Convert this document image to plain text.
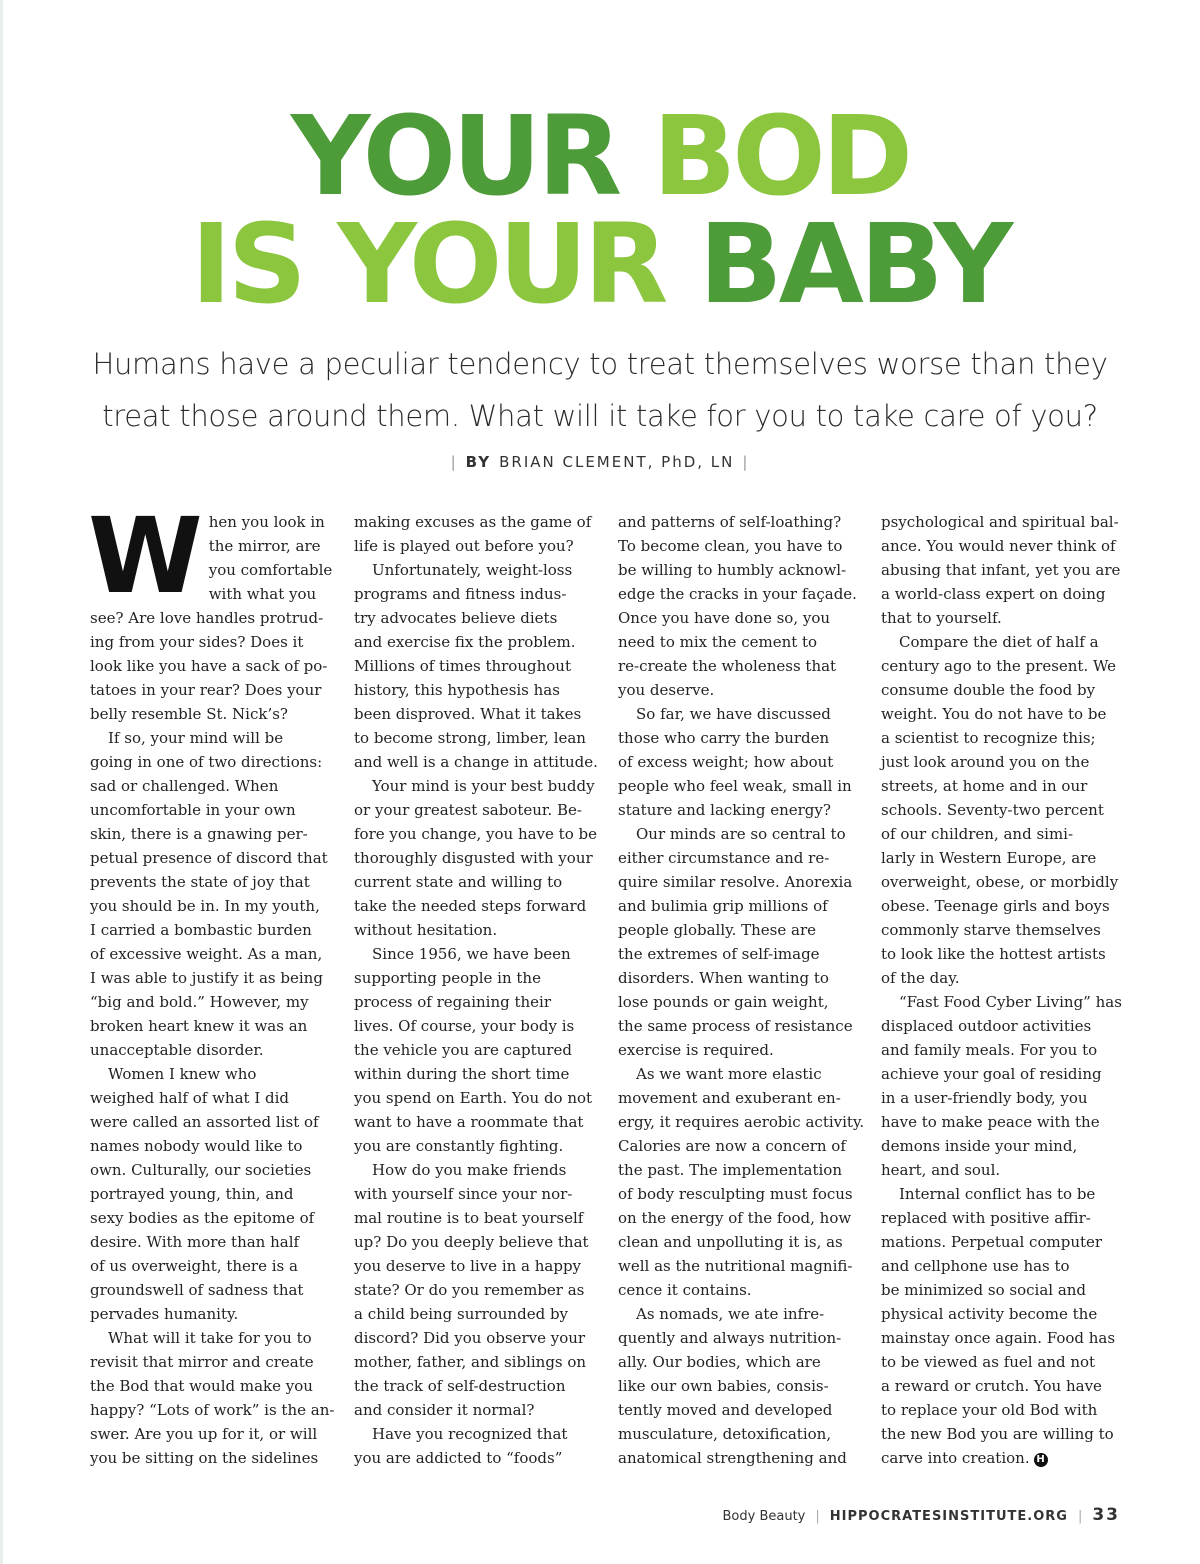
YOUR BOD
IS YOUR BABY
Humans have a peculiar tendency to treat themselves worse than they
treat those around them. What will it take for you to take care of you?
| BY BRIAN CLEMENT, PhD, LN |
W hen you look in
the mirror, are
you comfortable
with what you
see? Are love handles protrud-
ing from your sides? Does it
look like you have a sack of po-
tatoes in your rear? Does your
belly resemble St. Nick’s?

If so, your mind will be
going in one of two directions:
sad or challenged. When
uncomfortable in your own
skin, there is a gnawing per-
petual presence of discord that
prevents the state of joy that
you should be in. In my youth,
I carried a bombastic burden
of excessive weight. As a man,
I was able to justify it as being
“big and bold.” However, my
broken heart knew it was an
unacceptable disorder.

Women I knew who
weighed half of what I did
were called an assorted list of
names nobody would like to
own. Culturally, our societies
portrayed young, thin, and
sexy bodies as the epitome of
desire. With more than half
of us overweight, there is a
groundswell of sadness that
pervades humanity.

What will it take for you to
revisit that mirror and create
the Bod that would make you
happy? “Lots of work” is the an-
swer. Are you up for it, or will
you be sitting on the sidelines

making excuses as the game of
life is played out before you?

Unfortunately, weight-loss
programs and fitness indus-
try advocates believe diets
and exercise fix the problem.
Millions of times throughout
history, this hypothesis has
been disproved. What it takes
to become strong, limber, lean
and well is a change in attitude.

Your mind is your best buddy
or your greatest saboteur. Be-
fore you change, you have to be
thoroughly disgusted with your
current state and willing to
take the needed steps forward
without hesitation.

Since 1956, we have been
supporting people in the
process of regaining their
lives. Of course, your body is
the vehicle you are captured
within during the short time
you spend on Earth. You do not
want to have a roommate that
you are constantly fighting.

How do you make friends
with yourself since your nor-
mal routine is to beat yourself
up? Do you deeply believe that
you deserve to live in a happy
state? Or do you remember as
a child being surrounded by
discord? Did you observe your
mother, father, and siblings on
the track of self-destruction
and consider it normal?

Have you recognized that
you are addicted to “foods”

and patterns of self-loathing?
To become clean, you have to
be willing to humbly acknowl-
edge the cracks in your façade.
Once you have done so, you
need to mix the cement to
re-create the wholeness that
you deserve.

So far, we have discussed
those who carry the burden
of excess weight; how about
people who feel weak, small in
stature and lacking energy?

Our minds are so central to
either circumstance and re-
quire similar resolve. Anorexia
and bulimia grip millions of
people globally. These are
the extremes of self-image
disorders. When wanting to
lose pounds or gain weight,
the same process of resistance
exercise is required.

As we want more elastic
movement and exuberant en-
ergy, it requires aerobic activity.
Calories are now a concern of
the past. The implementation
of body resculpting must focus
on the energy of the food, how
clean and unpolluting it is, as
well as the nutritional magnifi-
cence it contains.

As nomads, we ate infre-
quently and always nutrition-
ally. Our bodies, which are
like our own babies, consis-
tently moved and developed
musculature, detoxification,
anatomical strengthening and

psychological and spiritual bal-
ance. You would never think of
abusing that infant, yet you are
a world-class expert on doing
that to yourself.

Compare the diet of half a
century ago to the present. We
consume double the food by
weight. You do not have to be
a scientist to recognize this;
just look around you on the
streets, at home and in our
schools. Seventy-two percent
of our children, and simi-
larly in Western Europe, are
overweight, obese, or morbidly
obese. Teenage girls and boys
commonly starve themselves
to look like the hottest artists
of the day.

“Fast Food Cyber Living” has
displaced outdoor activities
and family meals. For you to
achieve your goal of residing
in a user-friendly body, you
have to make peace with the
demons inside your mind,
heart, and soul.

Internal conflict has to be
replaced with positive affir-
mations. Perpetual computer
and cellphone use has to
be minimized so social and
physical activity become the
mainstay once again. Food has
to be viewed as fuel and not
a reward or crutch. You have
to replace your old Bod with
the new Bod you are willing to
carve into creation. H

Body Beauty | HIPPOCRATESINSTITUTE.ORG | 33
